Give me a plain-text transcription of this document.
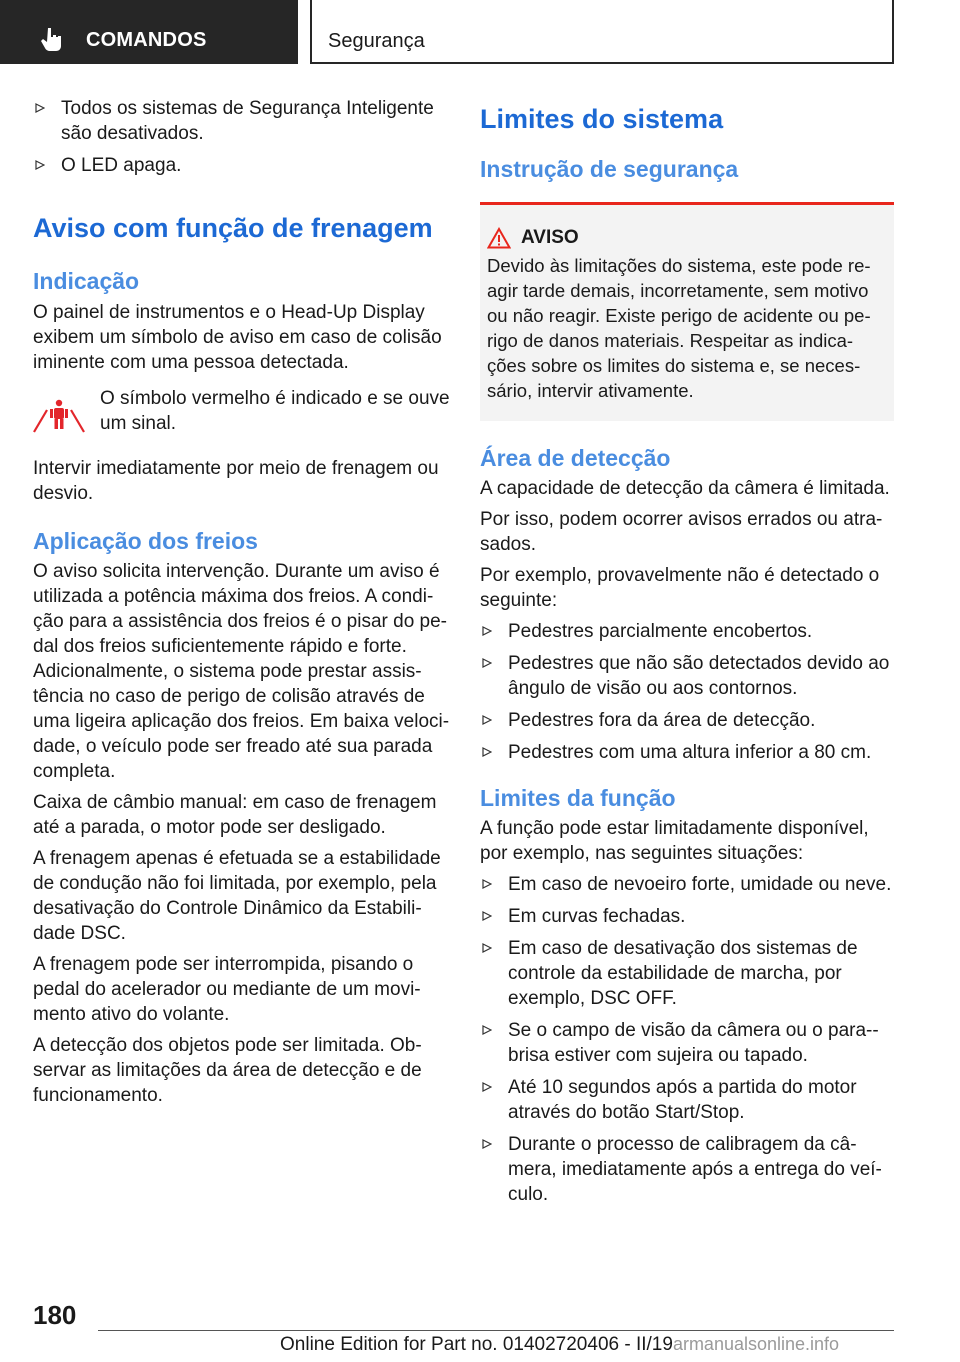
COMANDOS	Segurança
Todos os sistemas de Segurança Inteligente são desativados.
O LED apaga.
Aviso com função de frenagem
Indicação

O painel de instrumentos e o Head-Up Display exibem um símbolo de aviso em caso de colisão iminente com uma pessoa detectada.

O símbolo vermelho é indicado e se ouve um sinal.

Intervir imediatamente por meio de frenagem ou desvio.

Aplicação dos freios

O aviso solicita intervenção. Durante um aviso é utilizada a potência máxima dos freios. A condi‐ção para a assistência dos freios é o pisar do pe‐dal dos freios suficientemente rápido e forte. Adicionalmente, o sistema pode prestar assis‐tência no caso de perigo de colisão através de uma ligeira aplicação dos freios. Em baixa veloci‐dade, o veículo pode ser freado até sua parada completa.

Caixa de câmbio manual: em caso de frenagem até a parada, o motor pode ser desligado.

A frenagem apenas é efetuada se a estabilidade de condução não foi limitada, por exemplo, pela desativação do Controle Dinâmico da Estabili‐dade DSC.

A frenagem pode ser interrompida, pisando o pedal do acelerador ou mediante de um movi‐mento ativo do volante.

A detecção dos objetos pode ser limitada. Ob‐servar as limitações da área de detecção e de funcionamento.

Limites do sistema
Instrução de segurança
AVISO

Devido às limitações do sistema, este pode re‐agir tarde demais, incorretamente, sem motivo ou não reagir. Existe perigo de acidente ou pe‐rigo de danos materiais. Respeitar as indica‐ções sobre os limites do sistema e, se neces‐sário, intervir ativamente.

Área de detecção

A capacidade de detecção da câmera é limitada.

Por isso, podem ocorrer avisos errados ou atra‐sados.

Por exemplo, provavelmente não é detectado o seguinte:

Pedestres parcialmente encobertos.
Pedestres que não são detectados devido ao ângulo de visão ou aos contornos.
Pedestres fora da área de detecção.
Pedestres com uma altura inferior a 80 cm.
Limites da função

A função pode estar limitadamente disponível, por exemplo, nas seguintes situações:

Em caso de nevoeiro forte, umidade ou neve.
Em curvas fechadas.
Em caso de desativação dos sistemas de controle da estabilidade de marcha, por exemplo, DSC OFF.
Se o campo de visão da câmera ou o para‐-brisa estiver com sujeira ou tapado.
Até 10 segundos após a partida do motor através do botão Start/Stop.
Durante o processo de calibragem da câ‐mera, imediatamente após a entrega do veí‐culo.
180
Online Edition for Part no. 01402720406 - II/19armanualsonline.info
